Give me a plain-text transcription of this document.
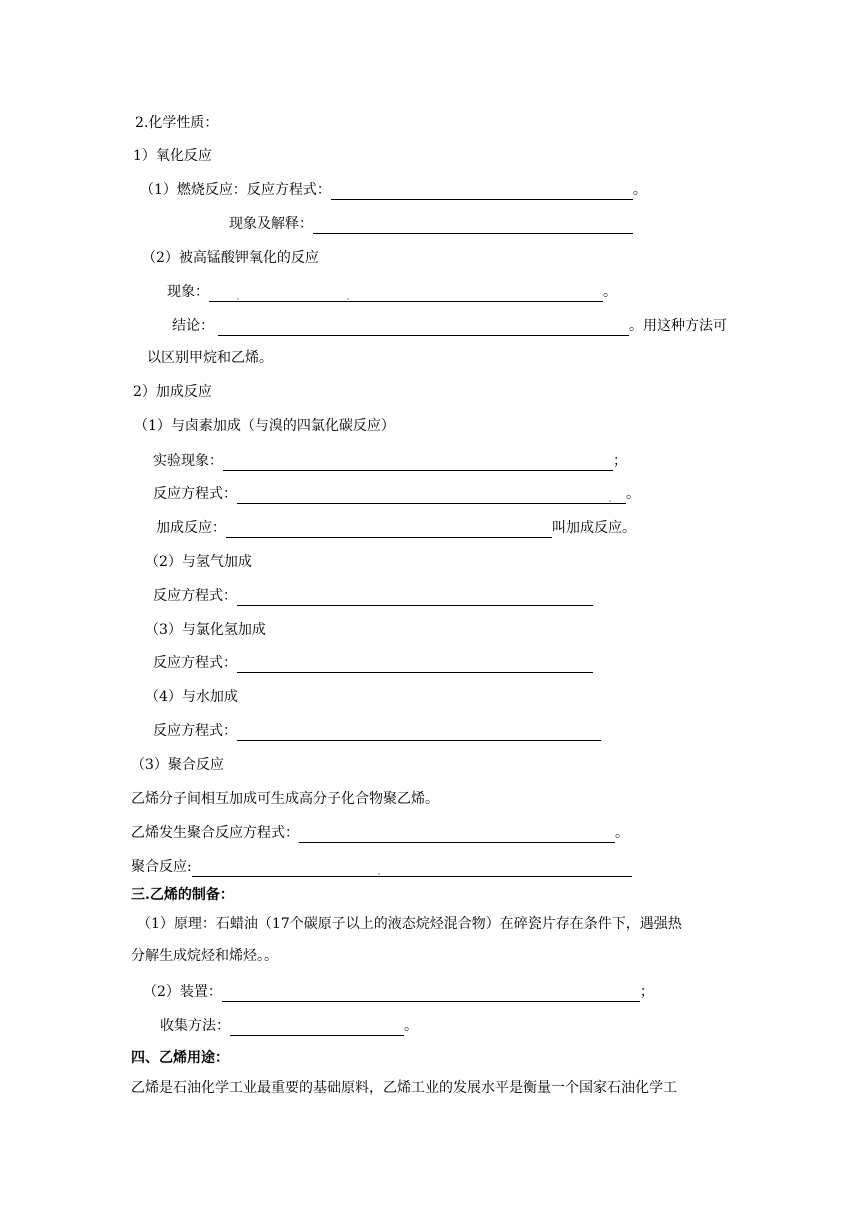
2.化学性质：
1）氧化反应
（1）燃烧反应：反应方程式：	。
现象及解释：
（2）被高锰酸钾氧化的反应
现象：	。
结论：	。用这种方法可
以区别甲烷和乙烯。
2）加成反应
（1）与卤素加成（与溴的四氯化碳反应）
实验现象：	；
反应方程式：	。
加成反应：	叫加成反应。
（2）与氢气加成
反应方程式：
（3）与氯化氢加成
反应方程式：
（4）与水加成
反应方程式：
（3）聚合反应
乙烯分子间相互加成可生成高分子化合物聚乙烯。
乙烯发生聚合反应方程式：	。
聚合反应:
三.乙烯的制备：
（1）原理：石蜡油（17个碳原子以上的液态烷烃混合物）在碎瓷片存在条件下，遇强热
分解生成烷烃和烯烃。。
（2）装置：	；
收集方法：	。
四、乙烯用途：
乙烯是石油化学工业最重要的基础原料，乙烯工业的发展水平是衡量一个国家石油化学工
